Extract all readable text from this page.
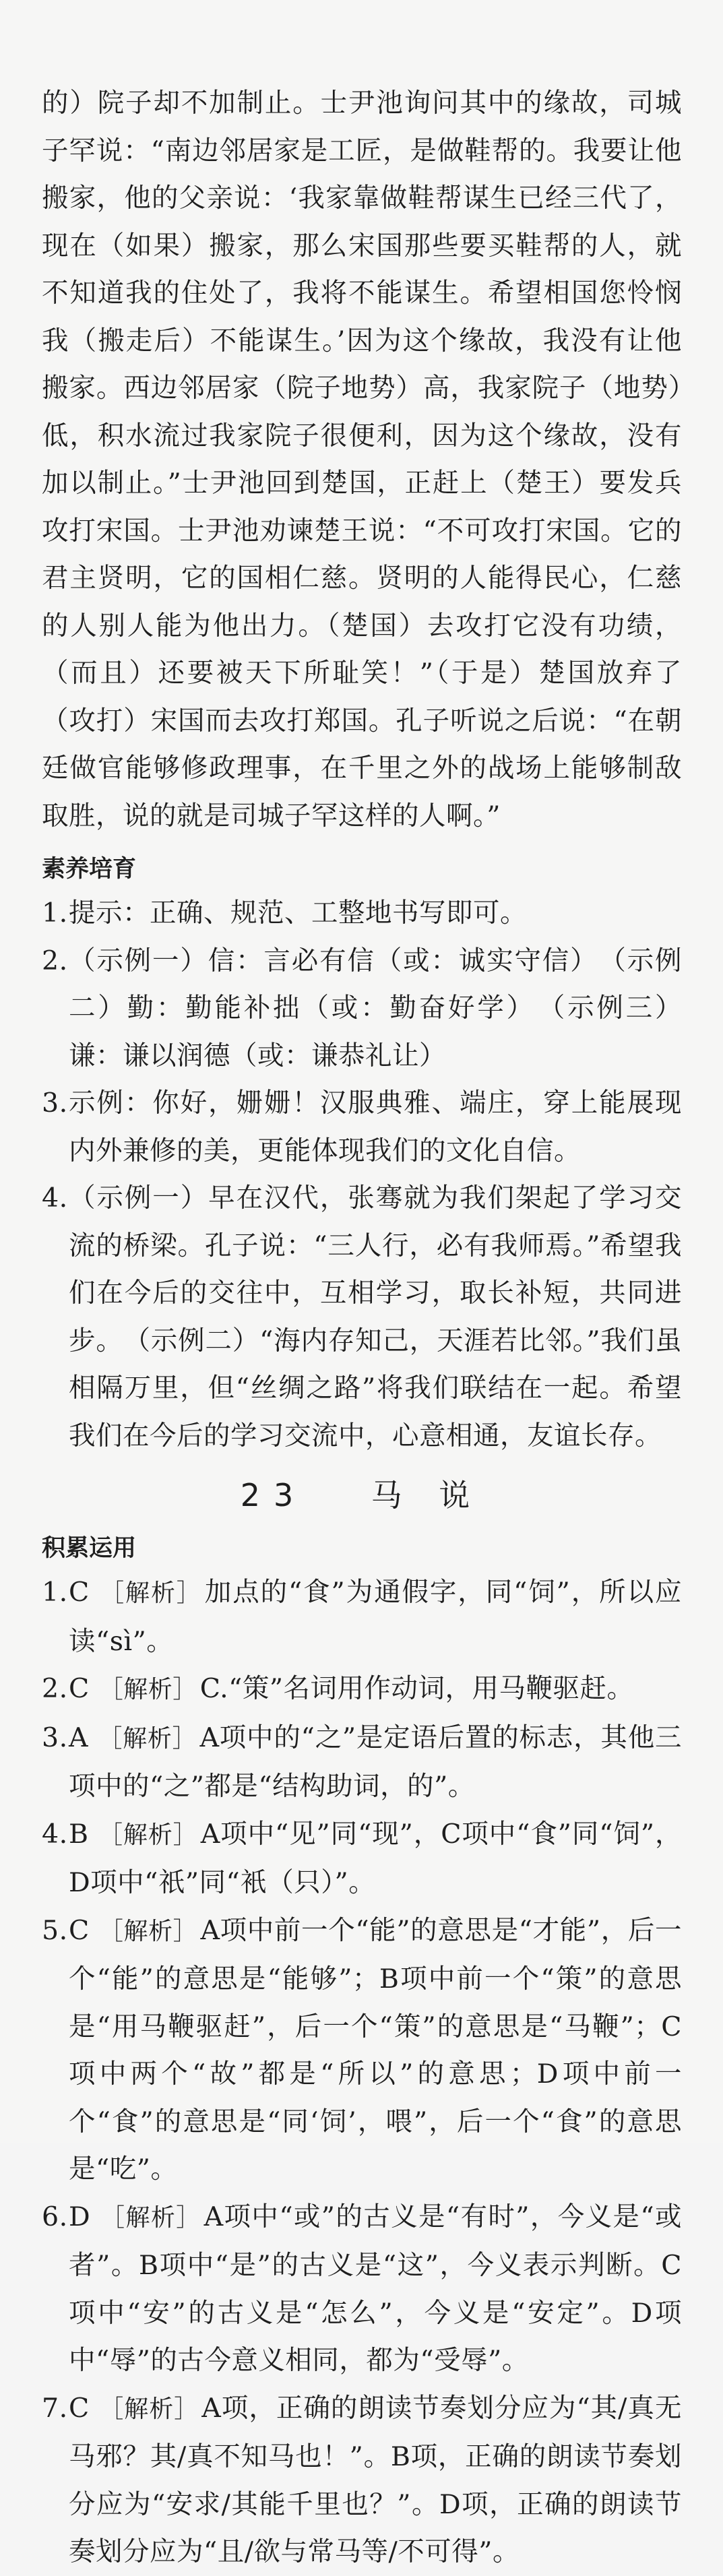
的）院子却不加制止。士尹池询问其中的缘故，司城子罕说：“南边邻居家是工匠，是做鞋帮的。我要让他搬家，他的父亲说：‘我家靠做鞋帮谋生已经三代了，现在（如果）搬家，那么宋国那些要买鞋帮的人，就不知道我的住处了，我将不能谋生。希望相国您怜悯我（搬走后）不能谋生。’因为这个缘故，我没有让他搬家。西边邻居家（院子地势）高，我家院子（地势）低，积水流过我家院子很便利，因为这个缘故，没有加以制止。”士尹池回到楚国，正赶上（楚王）要发兵攻打宋国。士尹池劝谏楚王说：“不可攻打宋国。它的君主贤明，它的国相仁慈。贤明的人能得民心，仁慈的人别人能为他出力。（楚国）去攻打它没有功绩，（而且）还要被天下所耻笑！”（于是）楚国放弃了（攻打）宋国而去攻打郑国。孔子听说之后说：“在朝廷做官能够修政理事，在千里之外的战场上能够制敌取胜，说的就是司城子罕这样的人啊。”

素养培育
1. 提示：正确、规范、工整地书写即可。
2. （示例一）信：言必有信（或：诚实守信）　（示例二）勤：勤能补拙（或：勤奋好学）　（示例三）谦：谦以润德（或：谦恭礼让）
3. 示例：你好，姗姗！汉服典雅、端庄，穿上能展现内外兼修的美，更能体现我们的文化自信。
4. （示例一）早在汉代，张骞就为我们架起了学习交流的桥梁。孔子说：“三人行，必有我师焉。”希望我们在今后的交往中，互相学习，取长补短，共同进步。　（示例二）“海内存知己，天涯若比邻。”我们虽相隔万里，但“丝绸之路”将我们联结在一起。希望我们在今后的学习交流中，心意相通，友谊长存。
23 马 说
积累运用
1. C ［解析］ 加点的“食”为通假字，同“饲”，所以应读“sì”。
2. C ［解析］ C.“策”名词用作动词，用马鞭驱赶。
3. A ［解析］ A项中的“之”是定语后置的标志，其他三项中的“之”都是“结构助词，的”。
4. B ［解析］ A项中“见”同“现”，C项中“食”同“饲”，D项中“祇”同“衹（只）”。
5. C ［解析］ A项中前一个“能”的意思是“才能”，后一个“能”的意思是“能够”；B项中前一个“策”的意思是“用马鞭驱赶”，后一个“策”的意思是“马鞭”；C项中两个“故”都是“所以”的意思；D项中前一个“食”的意思是“同‘饲’，喂”，后一个“食”的意思是“吃”。
6. D ［解析］ A项中“或”的古义是“有时”，今义是“或者”。B项中“是”的古义是“这”，今义表示判断。C项中“安”的古义是“怎么”，今义是“安定”。D项中“辱”的古今意义相同，都为“受辱”。
7. C ［解析］ A项，正确的朗读节奏划分应为“其/真无马邪？其/真不知马也！”。B项，正确的朗读节奏划分应为“安求/其能千里也？”。D项，正确的朗读节奏划分应为“且/欲与常马等/不可得”。
